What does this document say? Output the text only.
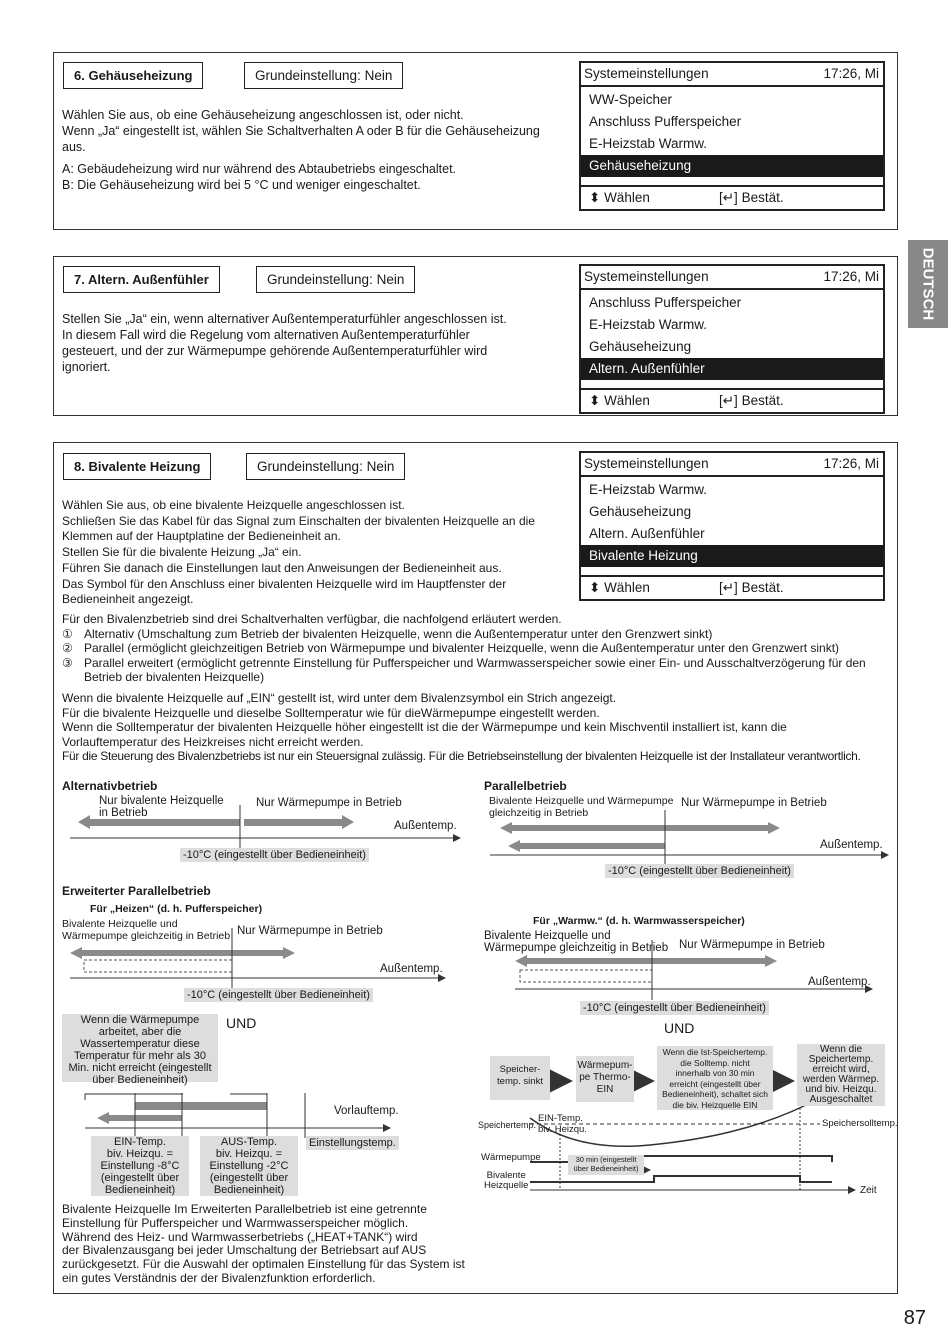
DEUTSCH
6. Gehäuseheizung	Grundeinstellung: Nein
Wählen Sie aus, ob eine Gehäuseheizung angeschlossen ist, oder nicht.
Wenn „Ja“ eingestellt ist, wählen Sie Schaltverhalten A oder B für die Gehäuseheizung
aus.
A: Gebäudeheizung wird nur während des Abtaubetriebs eingeschaltet.
B: Die Gehäuseheizung wird bei 5 °C und weniger eingeschaltet.
Systemeinstellungen	17:26, Mi
WW-Speicher
Anschluss Pufferspeicher
E-Heizstab Warmw.
Gehäuseheizung
⬍ Wählen	[↵] Bestät.
7. Altern. Außenfühler	Grundeinstellung: Nein
Stellen Sie „Ja“ ein, wenn alternativer Außentemperaturfühler angeschlossen ist.
In diesem Fall wird die Regelung vom alternativen Außentemperaturfühler
gesteuert, und der zur Wärmepumpe gehörende Außentemperaturfühler wird
ignoriert.
Systemeinstellungen	17:26, Mi
Anschluss Pufferspeicher
E-Heizstab Warmw.
Gehäuseheizung
Altern. Außenfühler
⬍ Wählen	[↵] Bestät.
8. Bivalente Heizung	Grundeinstellung: Nein
Wählen Sie aus, ob eine bivalente Heizquelle angeschlossen ist.
Schließen Sie das Kabel für das Signal zum Einschalten der bivalenten Heizquelle an die
Klemmen auf der Hauptplatine der Bedieneinheit an.
Stellen Sie für die bivalente Heizung „Ja“ ein.
Führen Sie danach die Einstellungen laut den Anweisungen der Bedieneinheit aus.
Das Symbol für den Anschluss einer bivalenten Heizquelle wird im Hauptfenster der
Bedieneinheit angezeigt.
Systemeinstellungen	17:26, Mi
E-Heizstab Warmw.
Gehäuseheizung
Altern. Außenfühler
Bivalente Heizung
⬍ Wählen	[↵] Bestät.
Für den Bivalenzbetrieb sind drei Schaltverhalten verfügbar, die nachfolgend erläutert werden.
① Alternativ (Umschaltung zum Betrieb der bivalenten Heizquelle, wenn die Außentemperatur unter den Grenzwert sinkt)
② Parallel (ermöglicht gleichzeitigen Betrieb von Wärmepumpe und bivalenter Heizquelle, wenn die Außentemperatur unter den Grenzwert sinkt)
③ Parallel erweitert (ermöglicht getrennte Einstellung für Pufferspeicher und Warmwasserspeicher sowie einer Ein- und Ausschaltverzögerung für den
Betrieb der bivalenten Heizquelle)
Wenn die bivalente Heizquelle auf „EIN“ gestellt ist, wird unter dem Bivalenzsymbol ein Strich angezeigt.
Für die bivalente Heizquelle und dieselbe Solltemperatur wie für dieWärmepumpe eingestellt werden.
Wenn die Solltemperatur der bivalenten Heizquelle höher eingestellt ist die der Wärmepumpe und kein Mischventil installiert ist, kann die
Vorlauftemperatur des Heizkreises nicht erreicht werden.
Für die Steuerung des Bivalenzbetriebs ist nur ein Steuersignal zulässig. Für die Betriebseinstellung der bivalenten Heizquelle ist der Installateur verantwortlich.
Alternativbetrieb
Nur bivalente Heizquelle
in Betrieb
Nur Wärmepumpe in Betrieb
Außentemp.
-10°C (eingestellt über Bedieneinheit)
Parallelbetrieb
Bivalente Heizquelle und Wärmepumpe
gleichzeitig in Betrieb
Nur Wärmepumpe in Betrieb
Außentemp.
-10°C (eingestellt über Bedieneinheit)
Erweiterter Parallelbetrieb
Für „Heizen“ (d. h. Pufferspeicher)
Bivalente Heizquelle und
Wärmepumpe gleichzeitig in Betrieb Nur Wärmepumpe in Betrieb
Außentemp.
-10°C (eingestellt über Bedieneinheit)
Für „Warmw.“ (d. h. Warmwasserspeicher)
Bivalente Heizquelle und
Wärmepumpe gleichzeitig in Betrieb Nur Wärmepumpe in Betrieb
Außentemp.
-10°C (eingestellt über Bedieneinheit)
UND	UND
Wenn die Wärmepumpe
arbeitet, aber die
Wassertemperatur diese
Temperatur für mehr als 30
Min. nicht erreicht (eingestellt
über Bedieneinheit)
Vorlauftemp.
Einstellungstemp.
EIN-Temp.
biv. Heizqu. =
Einstellung -8°C
(eingestellt über
Bedieneinheit)
AUS-Temp.
biv. Heizqu. =
Einstellung -2°C
(eingestellt über
Bedieneinheit)
Speicher-
temp. sinkt
Wärmepum-
pe Thermo-
EIN
Wenn die Ist-Speichertemp.
die Solltemp. nicht
innerhalb von 30 min
erreicht (eingestellt über
Bedieneinheit), schaltet sich
die biv. Heizquelle EIN
Wenn die
Speichertemp.
erreicht wird,
werden Wärmep.
und biv. Heizqu.
Ausgeschaltet
Speichertemp.
EIN-Temp.
biv. Heizqu.
Speichersolltemp.
Wärmepumpe	30 min (eingestellt
über Bedieneinheit)
Bivalente
Heizquelle	Zeit
Bivalente Heizquelle Im Erweiterten Parallelbetrieb ist eine getrennte
Einstellung für Pufferspeicher und Warmwasserspeicher möglich.
Während des Heiz- und Warmwasserbetriebs („HEAT+TANK“) wird
der Bivalenzausgang bei jeder Umschaltung der Betriebsart auf AUS
zurückgesetzt. Für die Auswahl der optimalen Einstellung für das System ist
ein gutes Verständnis der der Bivalenzfunktion erforderlich.
87
